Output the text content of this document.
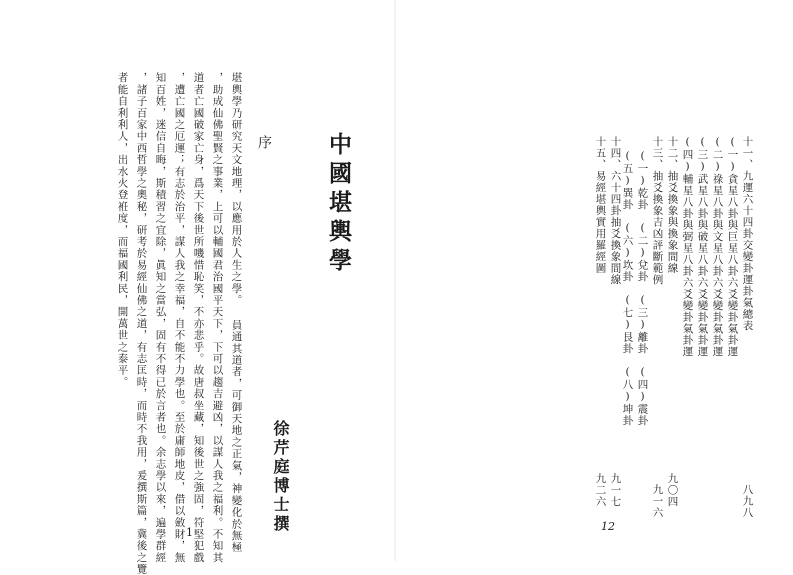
中國堪輿學
序
徐芹庭博士撰
堪輿學乃研究天文地理，以應用於人生之學。 員通其道者，可御天地之正氣，神變化於無極
，助成仙佛聖賢之事業，上可以輔國君治國平天下，下可以趨吉避凶，以謀人我之福利。不知其
道者亡國破家亡身，爲天下後世所嘰惜恥笑，不亦悲乎。故唐叔坐藏，知後世之強固，符堅犯戲
，遭亡國之厄運；有志於治平，謀人我之幸福，自不能不力學也。至於庸師地皮，借以斂財，無
知百姓，迷信自晦，斯積習之宜除，眞知之當弘，固有不得已於言者也。余志學以來，遍學群經
，諸子百家中西哲學之奧秘，研考於易經仙佛之道，有志匡時，而時不我用，爰撰斯篇，冀後之覽
者能自利利人，出水火登袵度，而福國利民，開萬世之泰平。
1
十一、九運六十四卦交變卦運卦氣總表
八九八
(一)貪星八卦與巨星八卦六爻變卦氣卦運
(二)祿星八卦與文星八卦六爻變卦氣卦運
(三)武星八卦與破星八卦六爻變卦氣卦運
(四)輔星八卦與弼星八卦六爻變卦氣卦運
十二、抽爻換象與換象間線
九〇四
十三、抽爻換象吉凶評斷範例
九一六
(一)乾卦　(二)兌卦　(三)離卦　(四)震卦
(五)巽卦　(六)坎卦　(七)艮卦　(八)坤卦
十四、六十四卦抽爻換象間線
九一七
十五、易經堪輿實用羅經圖
九二六
12
